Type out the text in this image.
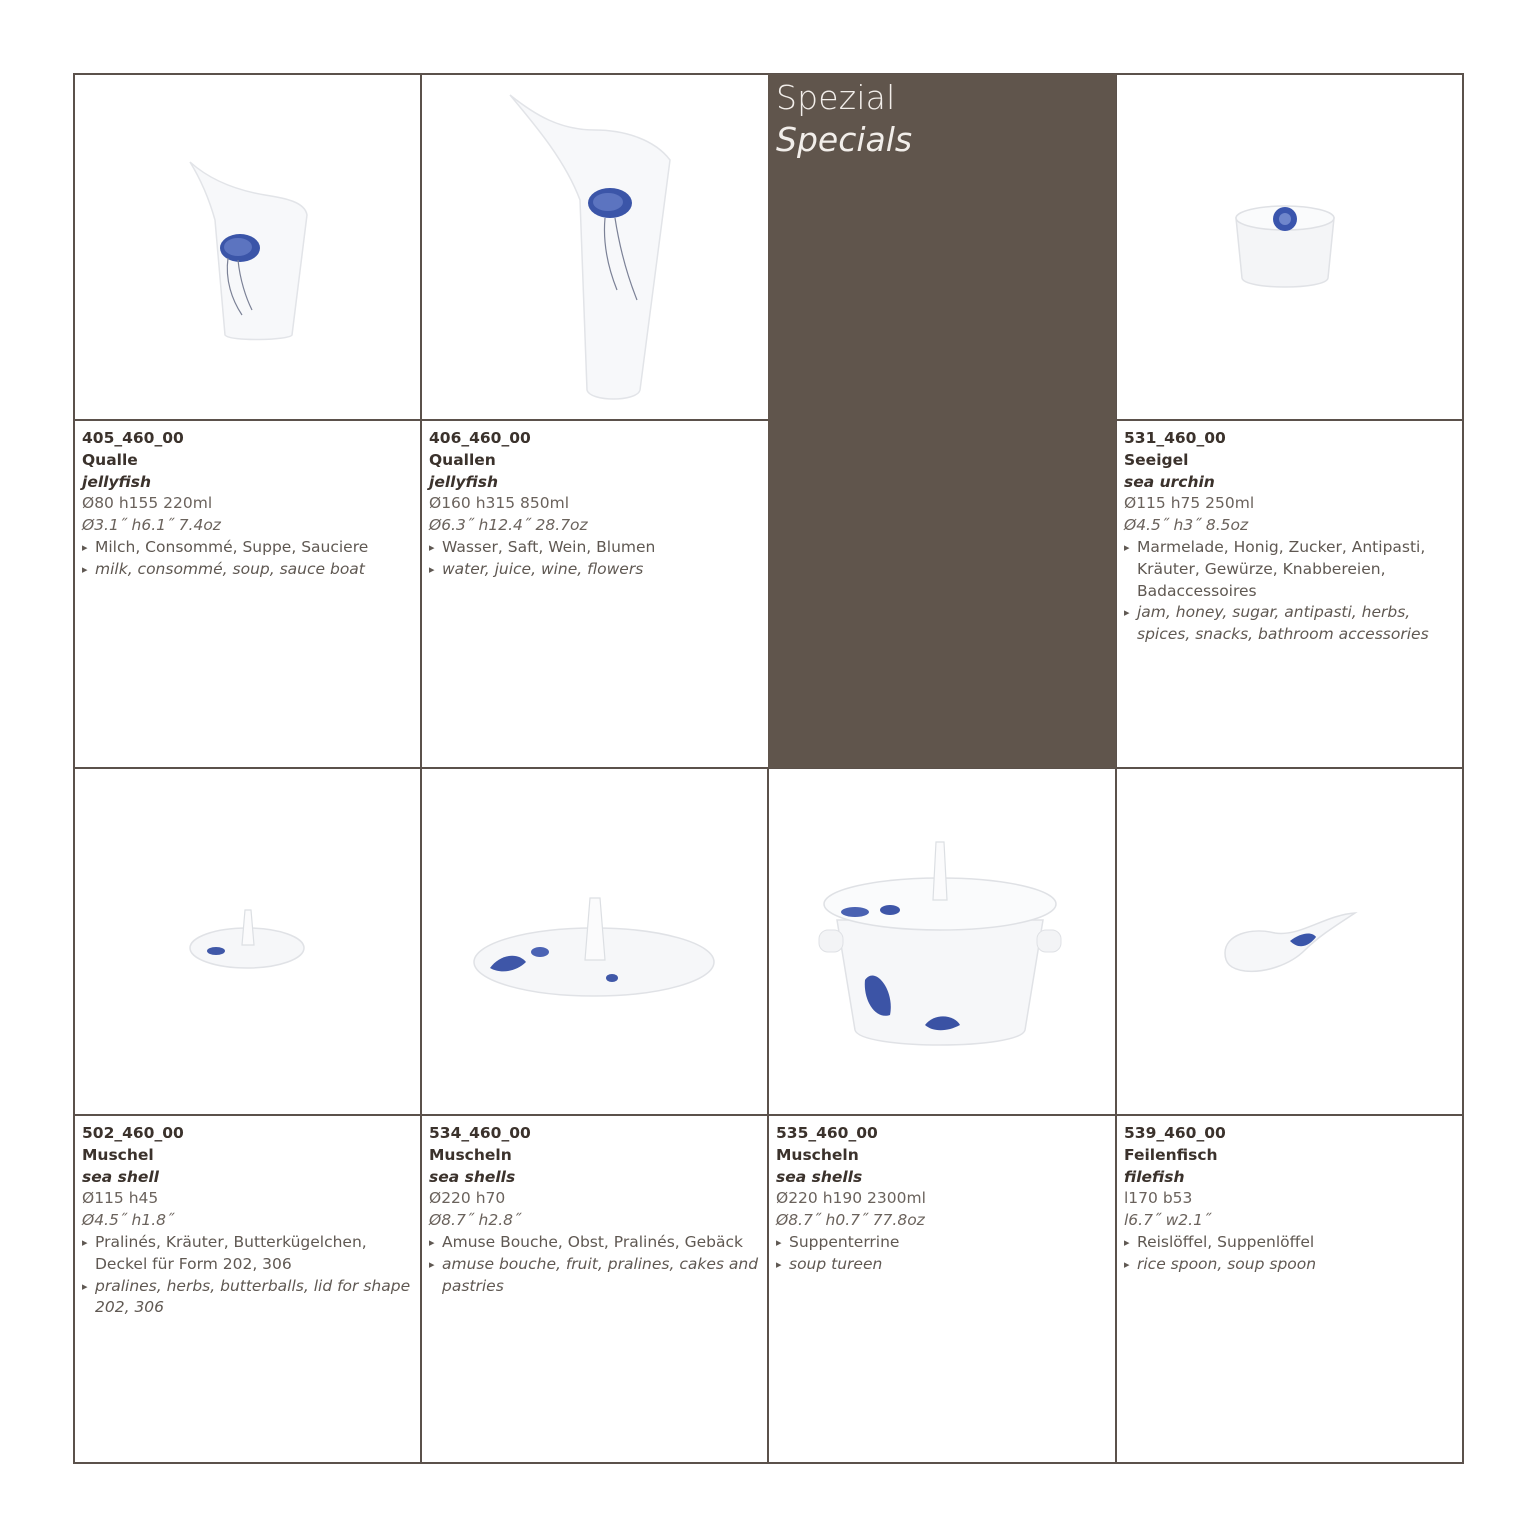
Spezial
Specials
405_460_00
Qualle
jellyfish
Ø80 h155 220ml
Ø3.1˝ h6.1˝ 7.4oz
▸ Milch, Consommé, Suppe, Sauciere
▸ milk, consommé, soup, sauce boat
406_460_00
Quallen
jellyfish
Ø160 h315 850ml
Ø6.3˝ h12.4˝ 28.7oz
▸ Wasser, Saft, Wein, Blumen
▸ water, juice, wine, flowers
531_460_00
Seeigel
sea urchin
Ø115 h75 250ml
Ø4.5˝ h3˝ 8.5oz
▸ Marmelade, Honig, Zucker, Antipasti, Kräuter, Gewürze, Knabbereien, Badaccessoires
▸ jam, honey, sugar, antipasti, herbs, spices, snacks, bathroom accessories
502_460_00
Muschel
sea shell
Ø115 h45
Ø4.5˝ h1.8˝
▸ Pralinés, Kräuter, Butterkügelchen, Deckel für Form 202, 306
▸ pralines, herbs, butterballs, lid for shape 202, 306
534_460_00
Muscheln
sea shells
Ø220 h70
Ø8.7˝ h2.8˝
▸ Amuse Bouche, Obst, Pralinés, Gebäck
▸ amuse bouche, fruit, pralines, cakes and pastries
535_460_00
Muscheln
sea shells
Ø220 h190 2300ml
Ø8.7˝ h0.7˝ 77.8oz
▸ Suppenterrine
▸ soup tureen
539_460_00
Feilenfisch
filefish
l170 b53
l6.7˝ w2.1˝
▸ Reislöffel, Suppenlöffel
▸ rice spoon, soup spoon
